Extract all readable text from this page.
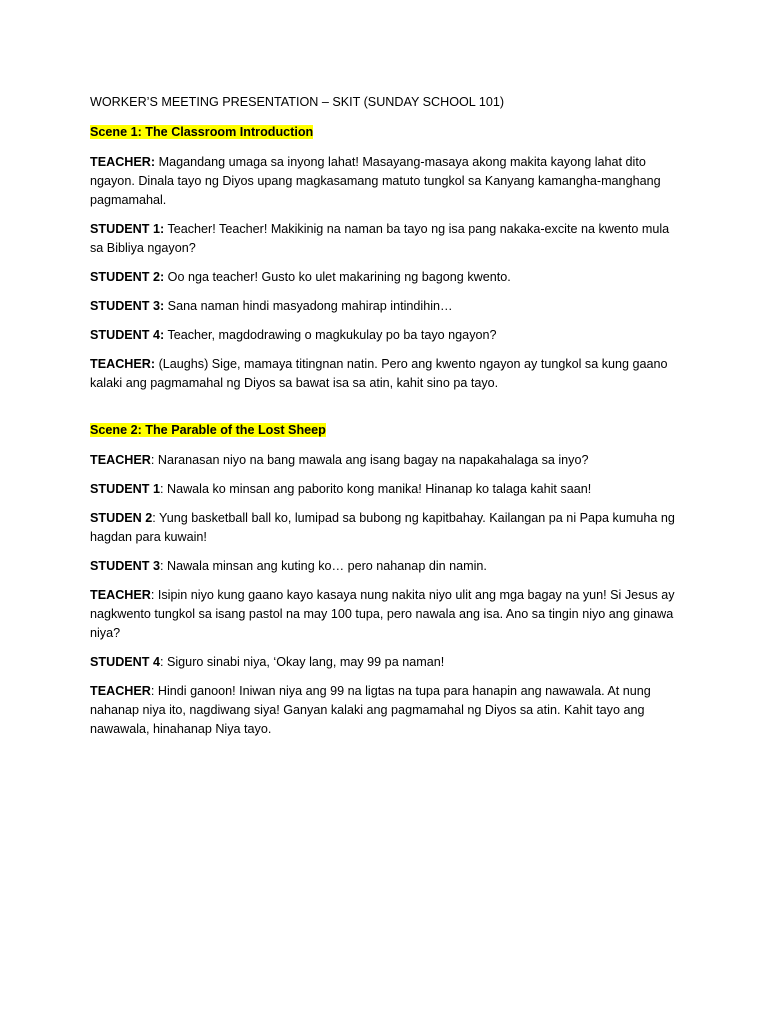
WORKER’S MEETING PRESENTATION – SKIT (SUNDAY SCHOOL 101)

Scene 1: The Classroom Introduction

TEACHER: Magandang umaga sa inyong lahat! Masayang-masaya akong makita kayong lahat dito ngayon. Dinala tayo ng Diyos upang magkasamang matuto tungkol sa Kanyang kamangha-manghang pagmamahal.

STUDENT 1: Teacher! Teacher! Makikinig na naman ba tayo ng isa pang nakaka-excite na kwento mula sa Bibliya ngayon?

STUDENT 2: Oo nga teacher! Gusto ko ulet makarining ng bagong kwento.

STUDENT 3: Sana naman hindi masyadong mahirap intindihin…

STUDENT 4: Teacher, magdodrawing o magkukulay po ba tayo ngayon?

TEACHER: (Laughs) Sige, mamaya titingnan natin. Pero ang kwento ngayon ay tungkol sa kung gaano kalaki ang pagmamahal ng Diyos sa bawat isa sa atin, kahit sino pa tayo.

Scene 2: The Parable of the Lost Sheep

TEACHER: Naranasan niyo na bang mawala ang isang bagay na napakahalaga sa inyo?

STUDENT 1: Nawala ko minsan ang paborito kong manika! Hinanap ko talaga kahit saan!

STUDEN 2: Yung basketball ball ko, lumipad sa bubong ng kapitbahay. Kailangan pa ni Papa kumuha ng hagdan para kuwain!

STUDENT 3: Nawala minsan ang kuting ko… pero nahanap din namin.

TEACHER: Isipin niyo kung gaano kayo kasaya nung nakita niyo ulit ang mga bagay na yun! Si Jesus ay nagkwento tungkol sa isang pastol na may 100 tupa, pero nawala ang isa. Ano sa tingin niyo ang ginawa niya?

STUDENT 4: Siguro sinabi niya, ‘Okay lang, may 99 pa naman!

TEACHER: Hindi ganoon! Iniwan niya ang 99 na ligtas na tupa para hanapin ang nawawala. At nung nahanap niya ito, nagdiwang siya! Ganyan kalaki ang pagmamahal ng Diyos sa atin. Kahit tayo ang nawawala, hinahanap Niya tayo.
